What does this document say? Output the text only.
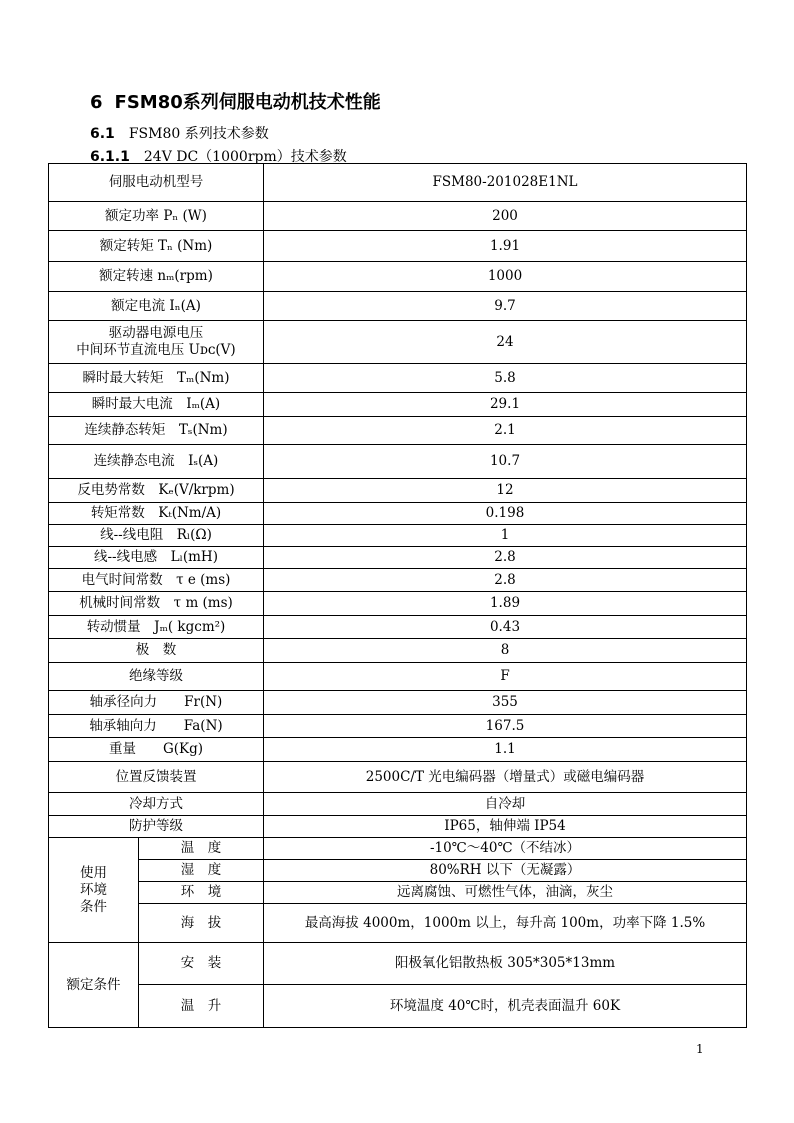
6 FSM80系列伺服电动机技术性能
6.1 FSM80 系列技术参数
6.1.1 24V DC（1000rpm）技术参数
伺服电动机型号		FSM80-201028E1NL
额定功率 Pₙ (W)		200
额定转矩 Tₙ (Nm)		1.91
额定转速 nₘ(rpm)		1000
额定电流 Iₙ(A)		9.7

驱动器电源电压
中间环节直流电压 Uᴅᴄ(V)		24
瞬时最大转矩　Tₘ(Nm)		5.8
瞬时最大电流　Iₘ(A)		29.1
连续静态转矩　Tₛ(Nm)		2.1
连续静态电流　Iₛ(A)		10.7
反电势常数　Kₑ(V/krpm)		12
转矩常数　Kₜ(Nm/A)		0.198
线--线电阻　Rₗ(Ω)		1
线--线电感　Lₗ(mH)		2.8
电气时间常数　τ e (ms)		2.8
机械时间常数　τ m (ms)		1.89
转动惯量　Jₘ( kgcm²)		0.43
极　数		8
绝缘等级		F
轴承径向力　　Fr(N)		355
轴承轴向力　　Fa(N)		167.5
重量　　G(Kg)		1.1
位置反馈装置		2500C/T 光电编码器（增量式）或磁电编码器
冷却方式		自冷却
防护等级		IP65，轴伸端 IP54

使用
环境
条件	温　度	-10℃～40℃（不结冰）
	湿　度	80%RH 以下（无凝露）
	环　境	远离腐蚀、可燃性气体，油滴，灰尘
	海　拔	最高海拔 4000m，1000m 以上，每升高 100m，功率下降 1.5%
额定条件	安　装	阳极氧化铝散热板 305*305*13mm
	温　升	环境温度 40℃时，机壳表面温升 60K
1
